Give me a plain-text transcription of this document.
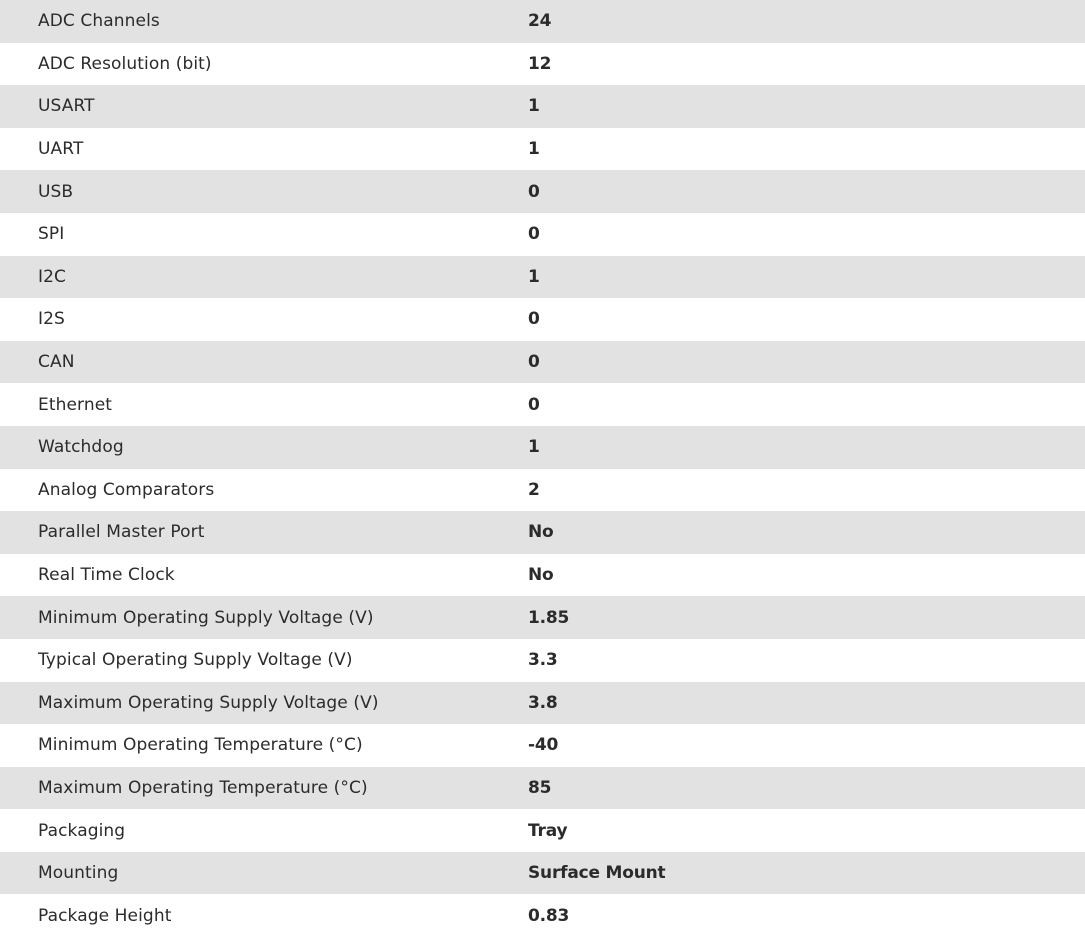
ADC Channels	24
ADC Resolution (bit)	12
USART	1
UART	1
USB	0
SPI	0
I2C	1
I2S	0
CAN	0
Ethernet	0
Watchdog	1
Analog Comparators	2
Parallel Master Port	No
Real Time Clock	No
Minimum Operating Supply Voltage (V)	1.85
Typical Operating Supply Voltage (V)	3.3
Maximum Operating Supply Voltage (V)	3.8
Minimum Operating Temperature (°C)	-40
Maximum Operating Temperature (°C)	85
Packaging	Tray
Mounting	Surface Mount
Package Height	0.83
